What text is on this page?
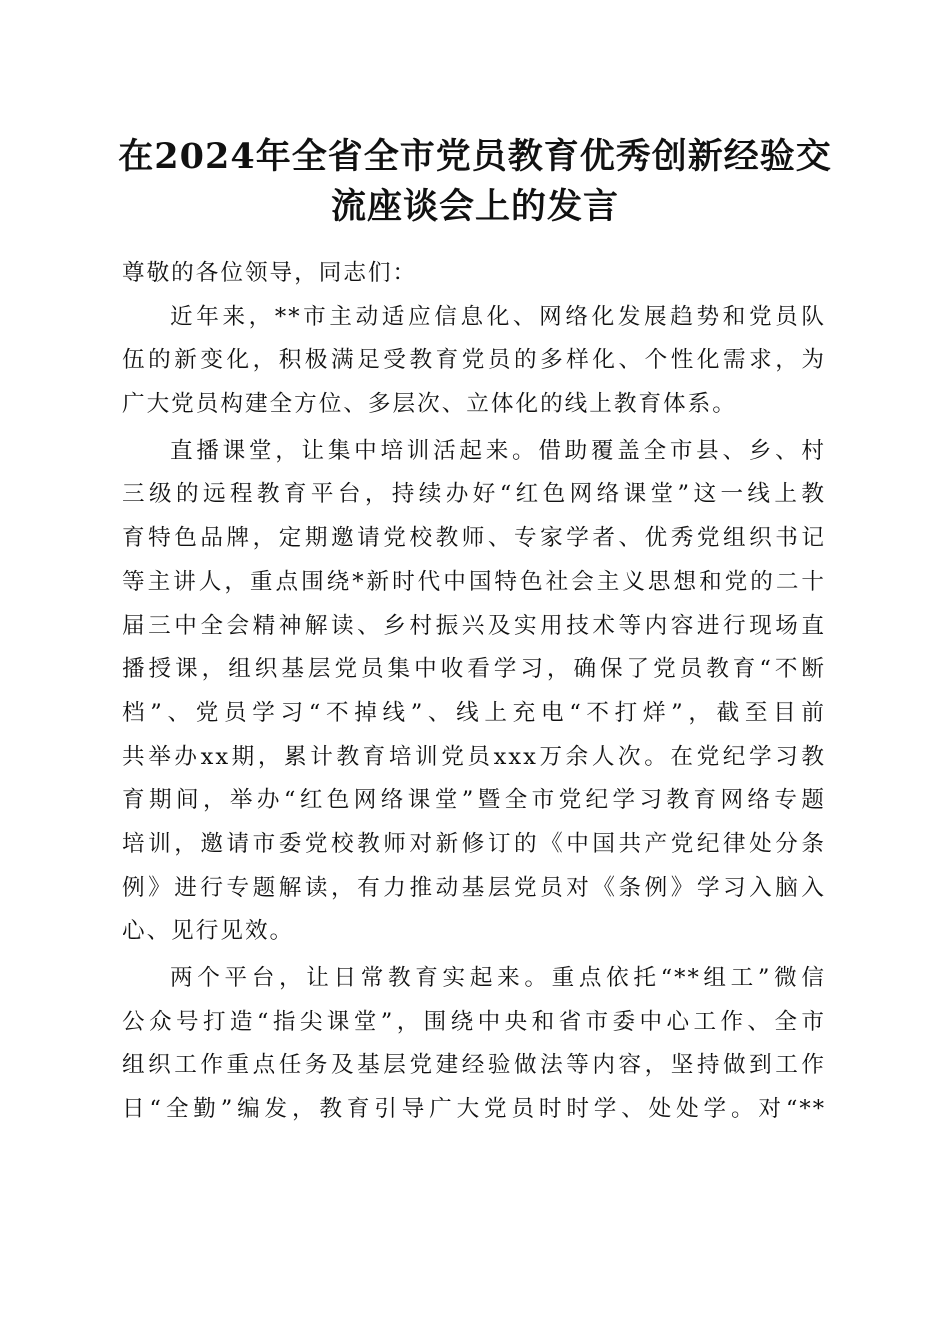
在2024年全省全市党员教育优秀创新经验交
流座谈会上的发言
尊敬的各位领导，同志们：
近年来，**市主动适应信息化、网络化发展趋势和党员队
伍的新变化，积极满足受教育党员的多样化、个性化需求，为
广大党员构建全方位、多层次、立体化的线上教育体系。
直播课堂，让集中培训活起来。借助覆盖全市县、乡、村
三级的远程教育平台，持续办好“红色网络课堂”这一线上教
育特色品牌，定期邀请党校教师、专家学者、优秀党组织书记
等主讲人，重点围绕*新时代中国特色社会主义思想和党的二十
届三中全会精神解读、乡村振兴及实用技术等内容进行现场直
播授课，组织基层党员集中收看学习，确保了党员教育“不断
档”、党员学习“不掉线”、线上充电“不打烊”，截至目前
共举办xx期，累计教育培训党员xxx万余人次。在党纪学习教
育期间，举办“红色网络课堂”暨全市党纪学习教育网络专题
培训，邀请市委党校教师对新修订的《中国共产党纪律处分条
例》进行专题解读，有力推动基层党员对《条例》学习入脑入
心、见行见效。
两个平台，让日常教育实起来。重点依托“**组工”微信
公众号打造“指尖课堂”，围绕中央和省市委中心工作、全市
组织工作重点任务及基层党建经验做法等内容，坚持做到工作
日“全勤”编发，教育引导广大党员时时学、处处学。对“**
